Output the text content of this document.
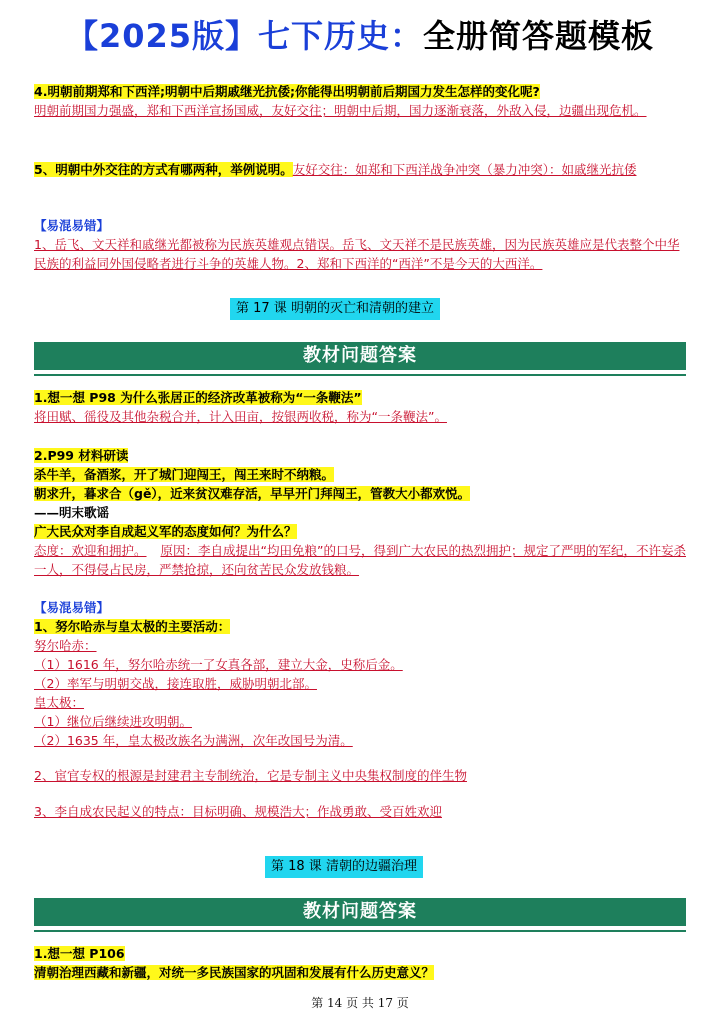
【2025版】七下历史：全册简答题模板
4.明朝前期郑和下西洋;明朝中后期戚继光抗倭;你能得出明朝前后期国力发生怎样的变化呢?
明朝前期国力强盛，郑和下西洋宣扬国威，友好交往；明朝中后期，国力逐渐衰落，外敌入侵，边疆出现危机。
5、明朝中外交往的方式有哪两种，举例说明。友好交往：如郑和下西洋战争冲突（暴力冲突）：如戚继光抗倭
【易混易错】
1、岳飞、文天祥和戚继光都被称为民族英雄观点错误。岳飞、文天祥不是民族英雄，因为民族英雄应是代表整个中华民族的利益同外国侵略者进行斗争的英雄人物。2、郑和下西洋的“西洋”不是今天的大西洋。
第 17 课 明朝的灭亡和清朝的建立
教材问题答案
1.想一想 P98 为什么张居正的经济改革被称为“一条鞭法”
将田赋、徭役及其他杂税合并，计入田亩，按银两收税，称为“一条鞭法”。
2.P99 材料研读
杀牛羊，备酒浆，开了城门迎闯王，闯王来时不纳粮。
朝求升，暮求合（gě），近来贫汉难存活，早早开门拜闯王，管教大小都欢悦。
——明末歌谣
广大民众对李自成起义军的态度如何？为什么？
态度：欢迎和拥护。 原因：李自成提出“均田免粮”的口号，得到广大农民的热烈拥护；规定了严明的军纪，不许妄杀一人，不得侵占民房，严禁抢掠，还向贫苦民众发放钱粮。
【易混易错】
1、努尔哈赤与皇太极的主要活动：
努尔哈赤：
（1）1616 年，努尔哈赤统一了女真各部，建立大金，史称后金。
（2）率军与明朝交战，接连取胜，威胁明朝北部。
皇太极：
（1）继位后继续进攻明朝。
（2）1635 年，皇太极改族名为满洲，次年改国号为清。
2、宦官专权的根源是封建君主专制统治，它是专制主义中央集权制度的伴生物
3、李自成农民起义的特点：目标明确、规模浩大；作战勇敢、受百姓欢迎
第 18 课 清朝的边疆治理
教材问题答案
1.想一想 P106
清朝治理西藏和新疆，对统一多民族国家的巩固和发展有什么历史意义？
第 14 页 共 17 页
